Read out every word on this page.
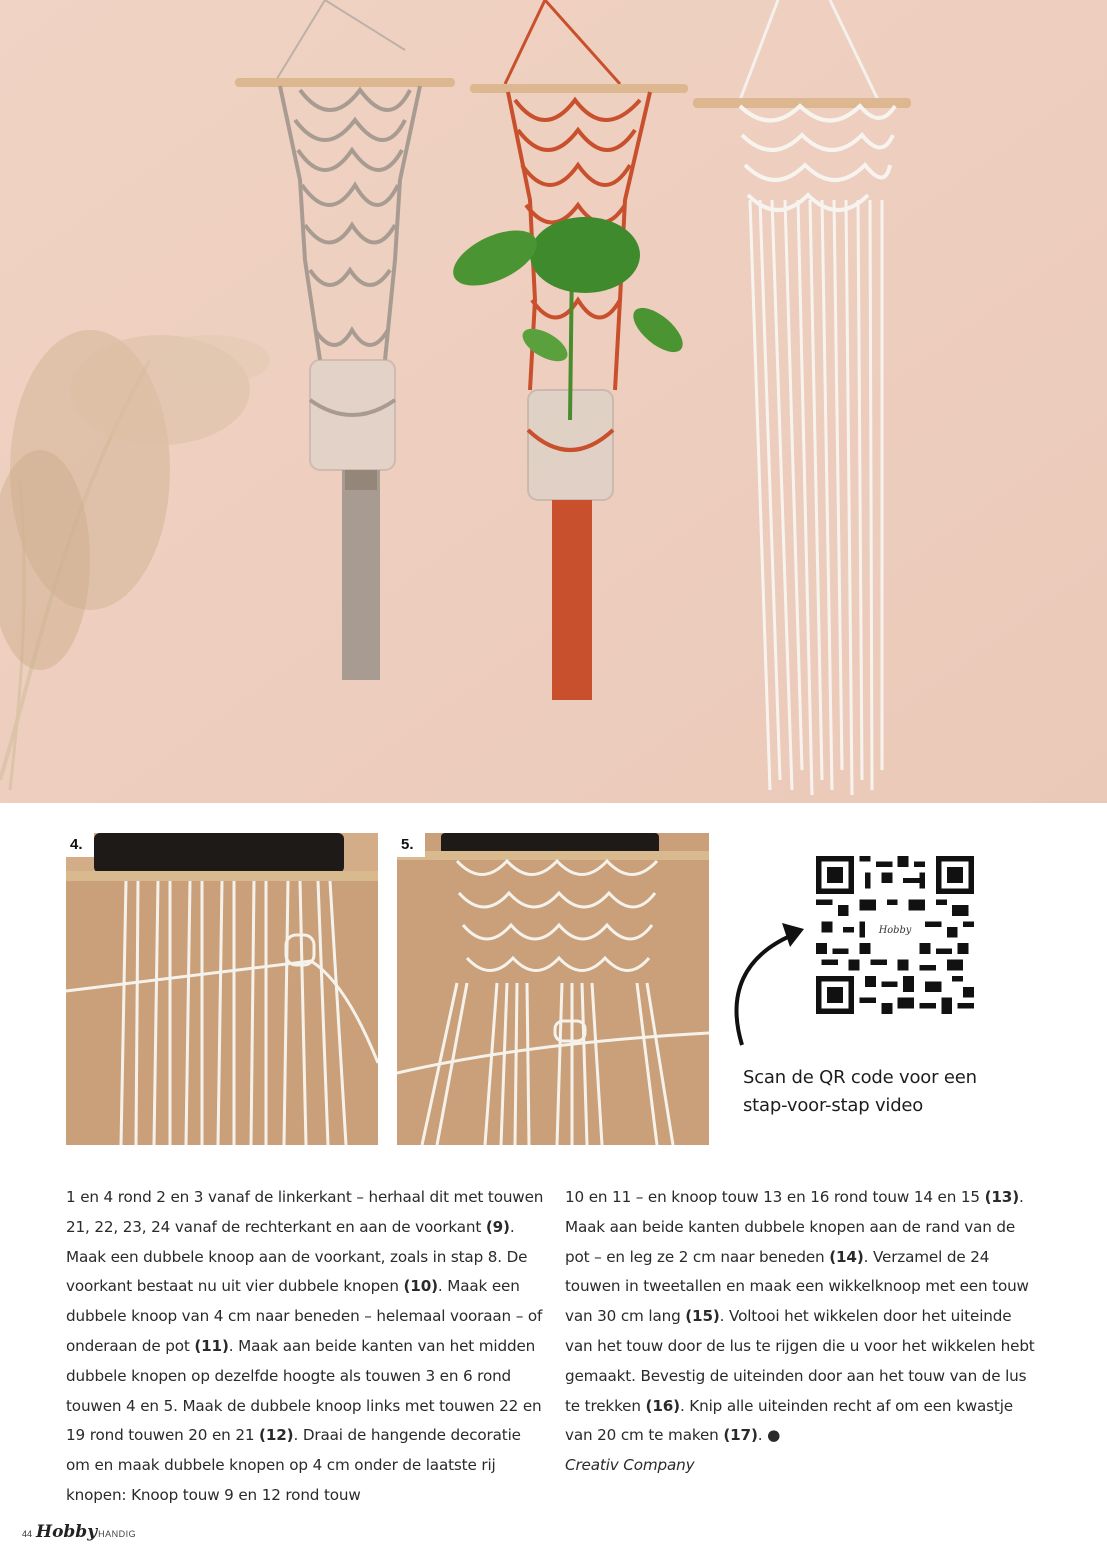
4.	5.
Hobby
Scan de QR code voor een stap-voor-stap video
1 en 4 rond 2 en 3 vanaf de linkerkant – herhaal dit met touwen 21, 22, 23, 24 vanaf de rechterkant en aan de voorkant (9). Maak een dubbele knoop aan de voorkant, zoals in stap 8. De voorkant bestaat nu uit vier dubbele knopen (10). Maak een dubbele knoop van 4 cm naar beneden – helemaal vooraan – of onderaan de pot (11). Maak aan beide kanten van het midden dubbele knopen op dezelfde hoogte als touwen 3 en 6 rond touwen 4 en 5. Maak de dubbele knoop links met touwen 22 en 19 rond touwen 20 en 21 (12). Draai de hangende decoratie om en maak dubbele knopen op 4 cm onder de laatste rij knopen: Knoop touw 9 en 12 rond touw
10 en 11 – en knoop touw 13 en 16 rond touw 14 en 15 (13). Maak aan beide kanten dubbele knopen aan de rand van de pot – en leg ze 2 cm naar beneden (14). Verzamel de 24 touwen in tweetallen en maak een wikkelknoop met een touw van 30 cm lang (15). Voltooi het wikkelen door het uiteinde van het touw door de lus te rijgen die u voor het wikkelen hebt gemaakt. Bevestig de uiteinden door aan het touw van de lus te trekken (16). Knip alle uiteinden recht af om een kwastje van 20 cm te maken (17). ●
Creativ Company
44 Hobby HANDIG
